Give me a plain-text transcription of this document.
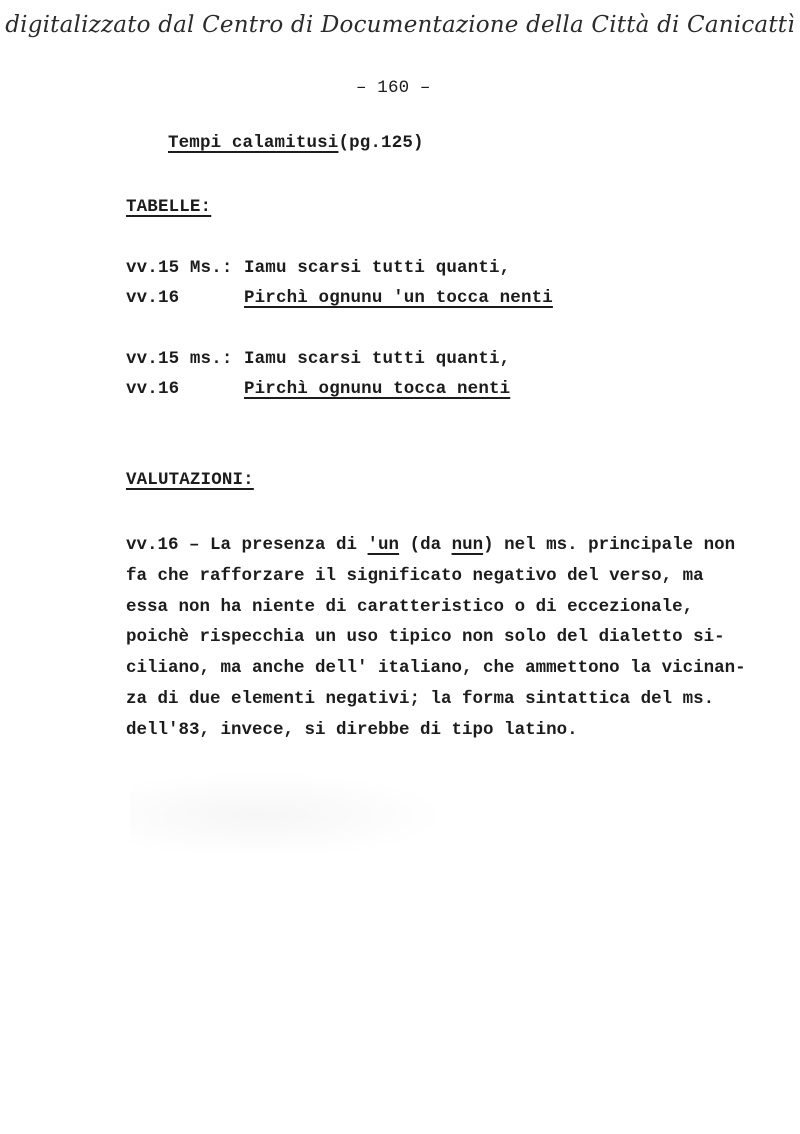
digitalizzato dal Centro di Documentazione della Città di Canicattì
– 160 –
Tempi calamitusi(pg.125)
TABELLE:
vv.15 Ms.: Iamu scarsi tutti quanti,
vv.16	Pirchì ognunu 'un tocca nenti
vv.15 ms.: Iamu scarsi tutti quanti,
vv.16	Pirchì ognunu tocca nenti
VALUTAZIONI:
vv.16 – La presenza di 'un (da nun) nel ms. principale non
fa che rafforzare il significato negativo del verso, ma
essa non ha niente di caratteristico o di eccezionale,
poichè rispecchia un uso tipico non solo del dialetto si-
ciliano, ma anche dell' italiano, che ammettono la vicinan-
za di due elementi negativi; la forma sintattica del ms.
dell'83, invece, si direbbe di tipo latino.
